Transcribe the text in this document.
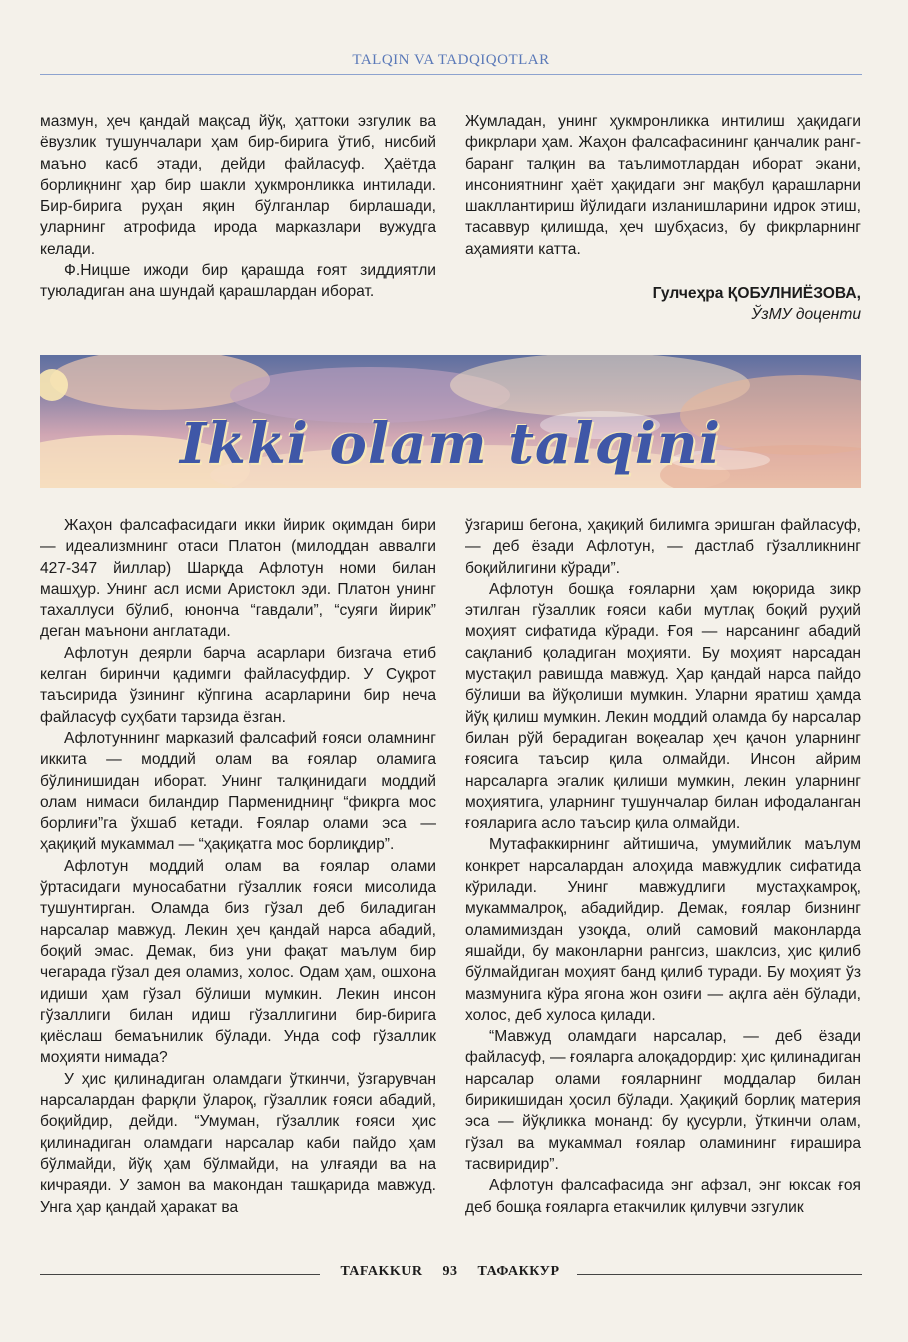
TALQIN VA TADQIQOTLAR

мазмун, ҳеч қандай мақсад йўқ, ҳаттоки эзгулик ва ёвузлик тушунчалари ҳам бир-бирига ўтиб, нисбий маъно касб этади, дейди файласуф. Ҳаётда борлиқнинг ҳар бир шакли ҳукмронликка интилади. Бир-бирига руҳан яқин бўлганлар бирлашади, уларнинг атрофида ирода марказлари вужудга келади.

Ф.Ницше ижоди бир қарашда ғоят зиддиятли туюладиган ана шундай қарашлардан иборат.

Жумладан, унинг ҳукмронликка интилиш ҳақидаги фикрлари ҳам. Жаҳон фалсафасининг қанчалик ранг-баранг талқин ва таълимотлардан иборат экани, инсониятнинг ҳаёт ҳақидаги энг мақбул қарашларни шакллантириш йўлидаги изланишларини идрок этиш, тасаввур қилишда, ҳеч шубҳасиз, бу фикрларнинг аҳамияти катта.

Гулчеҳра ҚОБУЛНИЁЗОВА,
ЎзМУ доценти
Ikki olam talqini

Жаҳон фалсафасидаги икки йирик оқимдан бири — идеализмнинг отаси Платон (милоддан аввалги 427-347 йиллар) Шарқда Афлотун номи билан машҳур. Унинг асл исми Аристокл эди. Платон унинг тахаллуси бўлиб, юнонча “гавдали”, “суяги йирик” деган маънони англатади.

Афлотун деярли барча асарлари бизгача етиб келган биринчи қадимги файласуфдир. У Суқрот таъсирида ўзининг кўпгина асарларини бир неча файласуф суҳбати тарзида ёзган.

Афлотуннинг марказий фалсафий ғояси оламнинг иккита — моддий олам ва ғоялар оламига бўлинишидан иборат. Унинг талқинидаги моддий олам нимаси биландир Парменидниңг “фикрга мос борлиғи”га ўхшаб кетади. Ғоялар олами эса — ҳақиқий мукаммал — “ҳақиқатга мос борлиқдир”.

Афлотун моддий олам ва ғоялар олами ўртасидаги муносабатни гўзаллик ғояси мисолида тушунтирган. Оламда биз гўзал деб биладиган нарсалар мавжуд. Лекин ҳеч қандай нарса абадий, боқий эмас. Демак, биз уни фақат маълум бир чегарада гўзал дея оламиз, холос. Одам ҳам, ошхона идиши ҳам гўзал бўлиши мумкин. Лекин инсон гўзаллиги билан идиш гўзаллигини бир-бирига қиёслаш бемаънилик бўлади. Унда соф гўзаллик моҳияти нимада?

У ҳис қилинадиган оламдаги ўткинчи, ўзгарувчан нарсалардан фарқли ўлароқ, гўзаллик ғояси абадий, боқийдир, дейди. “Умуман, гўзаллик ғояси ҳис қилинадиган оламдаги нарсалар каби пайдо ҳам бўлмайди, йўқ ҳам бўлмайди, на улғаяди ва на кичраяди. У замон ва макондан ташқарида мавжуд. Унга ҳар қандай ҳаракат ва

ўзгариш бегона, ҳақиқий билимга эришган файласуф, — деб ёзади Афлотун, — дастлаб гўзалликнинг боқийлигини кўради”.

Афлотун бошқа ғояларни ҳам юқорида зикр этилган гўзаллик ғояси каби мутлақ боқий руҳий моҳият сифатида кўради. Ғоя — нарсанинг абадий сақланиб қоладиган моҳияти. Бу моҳият нарсадан мустақил равишда мавжуд. Ҳар қандай нарса пайдо бўлиши ва йўқолиши мумкин. Уларни яратиш ҳамда йўқ қилиш мумкин. Лекин моддий оламда бу нарсалар билан рўй берадиган воқеалар ҳеч қачон уларнинг ғоясига таъсир қила олмайди. Инсон айрим нарсаларга эгалик қилиши мумкин, лекин уларнинг моҳиятига, уларнинг тушунчалар билан ифодаланган ғояларига асло таъсир қила олмайди.

Мутафаккирнинг айтишича, умумийлик маълум конкрет нарсалардан алоҳида мавжудлик сифатида кўрилади. Унинг мавжудлиги мустаҳкамроқ, мукаммалроқ, абадийдир. Демак, ғоялар бизнинг оламимиздан узоқда, олий самовий маконларда яшайди, бу маконларни рангсиз, шаклсиз, ҳис қилиб бўлмайдиган моҳият банд қилиб туради. Бу моҳият ўз мазмунига кўра ягона жон озиғи — ақлга аён бўлади, холос, деб хулоса қилади.

“Мавжуд оламдаги нарсалар, — деб ёзади файласуф, — ғояларга алоқадордир: ҳис қилинадиган нарсалар олами ғояларнинг моддалар билан бирикишидан ҳосил бўлади. Ҳақиқий борлиқ материя эса — йўқликка монанд: бу қусурли, ўткинчи олам, гўзал ва мукаммал ғоялар оламининг ғирашира тасвиридир”.

Афлотун фалсафасида энг афзал, энг юксак ғоя деб бошқа ғояларга етакчилик қилувчи эзгулик

TAFAKKUR 93 ТАФАККУР
